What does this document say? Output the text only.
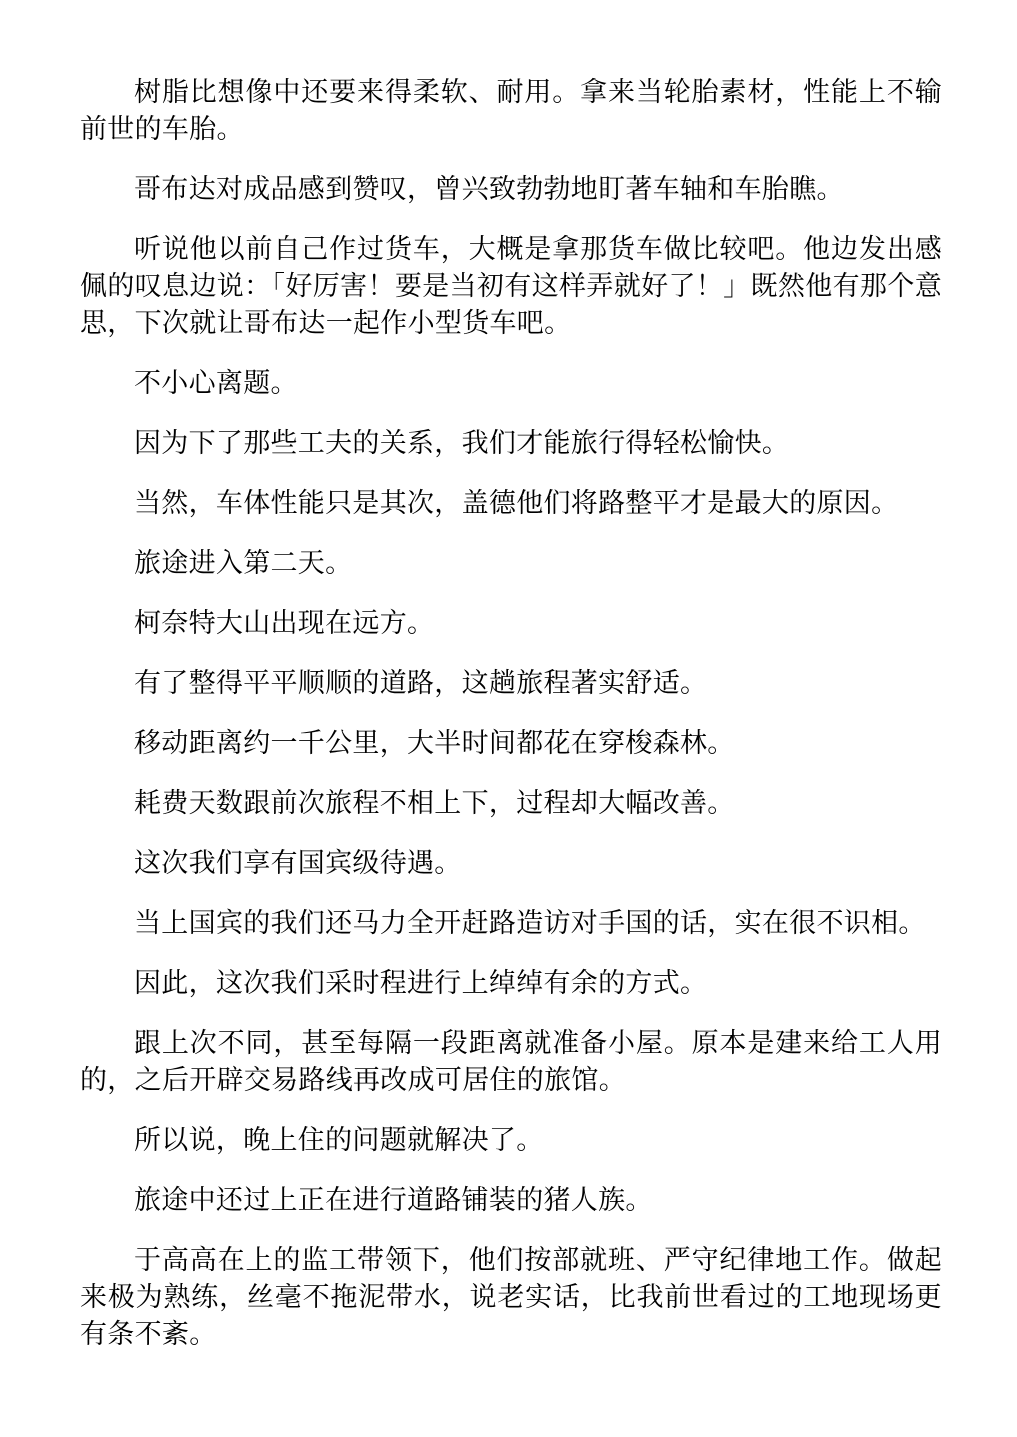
树脂比想像中还要来得柔软、耐用。拿来当轮胎素材，性能上不输前世的车胎。

哥布达对成品感到赞叹，曾兴致勃勃地盯著车轴和车胎瞧。

听说他以前自己作过货车，大概是拿那货车做比较吧。他边发出感佩的叹息边说：「好厉害！要是当初有这样弄就好了！」既然他有那个意思，下次就让哥布达一起作小型货车吧。

不小心离题。

因为下了那些工夫的关系，我们才能旅行得轻松愉快。

当然，车体性能只是其次，盖德他们将路整平才是最大的原因。

旅途进入第二天。

柯奈特大山出现在远方。

有了整得平平顺顺的道路，这趟旅程著实舒适。

移动距离约一千公里，大半时间都花在穿梭森林。

耗费天数跟前次旅程不相上下，过程却大幅改善。

这次我们享有国宾级待遇。

当上国宾的我们还马力全开赶路造访对手国的话，实在很不识相。

因此，这次我们采时程进行上绰绰有余的方式。

跟上次不同，甚至每隔一段距离就准备小屋。原本是建来给工人用的，之后开辟交易路线再改成可居住的旅馆。

所以说，晚上住的问题就解决了。

旅途中还过上正在进行道路铺装的猪人族。

于高高在上的监工带领下，他们按部就班、严守纪律地工作。做起来极为熟练，丝毫不拖泥带水，说老实话，比我前世看过的工地现场更有条不紊。
